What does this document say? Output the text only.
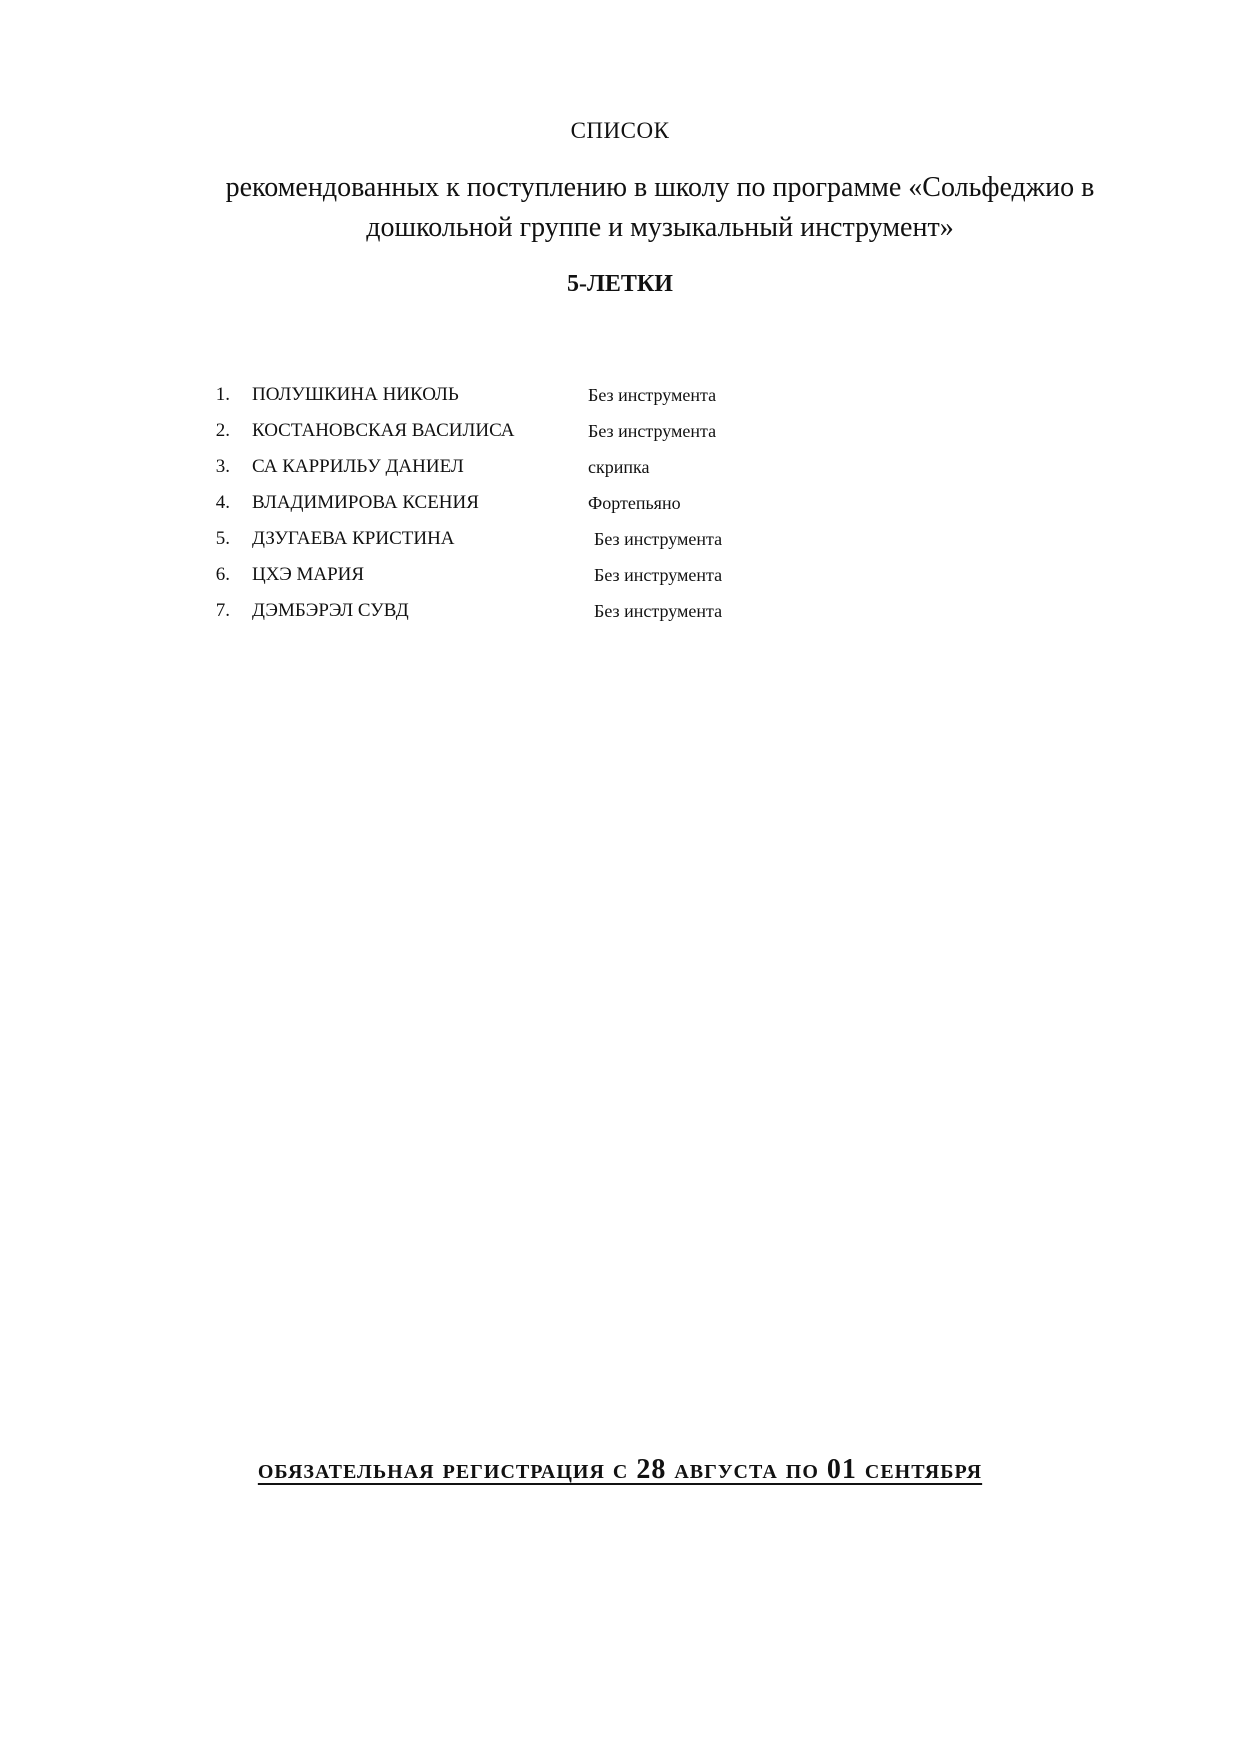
СПИСОК

рекомендованных к поступлению в школу по программе «Сольфеджио в дошкольной группе и музыкальный инструмент»

5-ЛЕТКИ
1. ПОЛУШКИНА НИКОЛЬ	Без инструмента
2. КОСТАНОВСКАЯ ВАСИЛИСА	Без инструмента
3. СА КАРРИЛЬУ ДАНИЕЛ	скрипка
4. ВЛАДИМИРОВА КСЕНИЯ	Фортепьяно
5. ДЗУГАЕВА КРИСТИНА	Без инструмента
6. ЦХЭ МАРИЯ	Без инструмента
7. ДЭМБЭРЭЛ СУВД	Без инструмента

обязательная регистрация с 28 августа по 01 сентября
